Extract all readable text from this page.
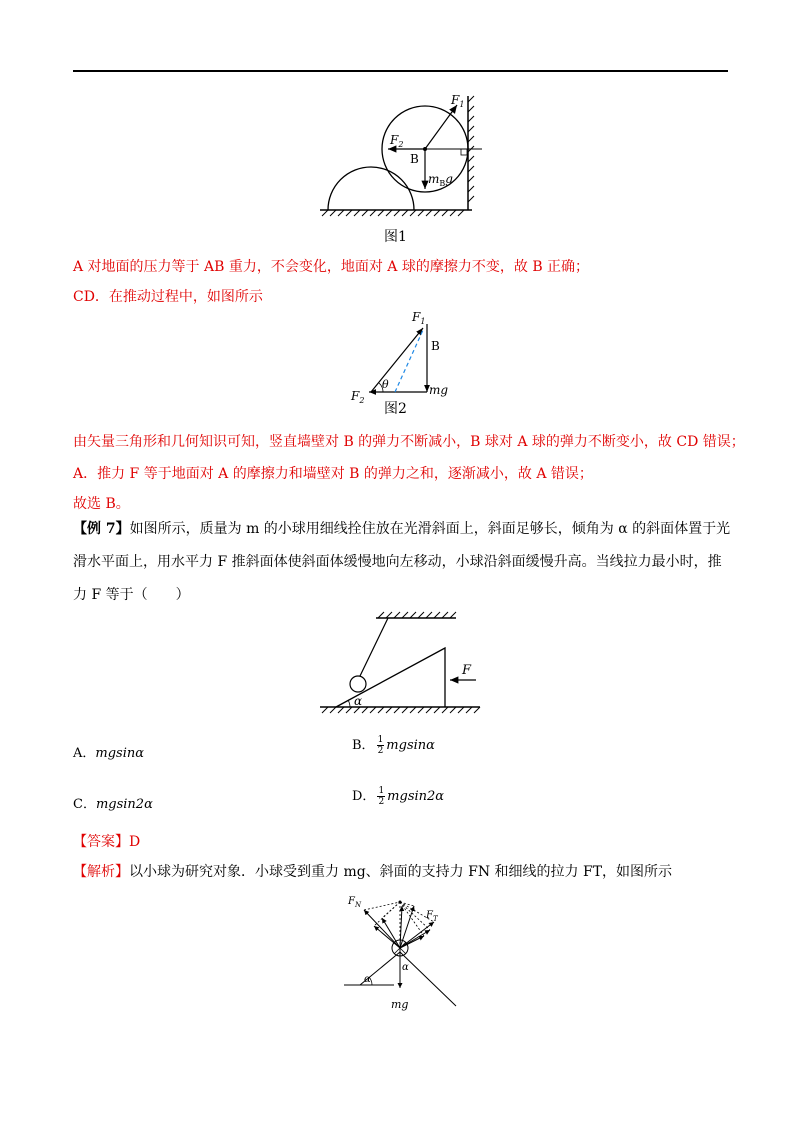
$F_1$
$F_2$
B
$m_Bg$
图1
A 对地面的压力等于 AB 重力，不会变化，地面对 A 球的摩擦力不变，故 B 正确；
CD．在推动过程中，如图所示
$F_1$
B
θ	mg
$F_2$
图2
由矢量三角形和几何知识可知，竖直墙壁对 B 的弹力不断减小，B 球对 A 球的弹力不断变小，故 CD 错误；
A．推力 F 等于地面对 A 的摩擦力和墙壁对 B 的弹力之和，逐渐减小，故 A 错误；
故选 B。
【例 7】如图所示，质量为 m 的小球用细线拴住放在光滑斜面上，斜面足够长，倾角为 α 的斜面体置于光滑水平面上，用水平力 F 推斜面体使斜面体缓慢地向左移动，小球沿斜面缓慢升高。当线拉力最小时，推力 F 等于（　　）
α
F
A．mgsinα
B． $\frac{1}{2}$ mgsinα
C．mgsin2α
D． $\frac{1}{2} mgsin2\alpha$
【答案】D
【解析】以小球为研究对象．小球受到重力 mg、斜面的支持力 FN 和细线的拉力 FT，如图所示
$F_N$
$F_T$
α
α
mg
